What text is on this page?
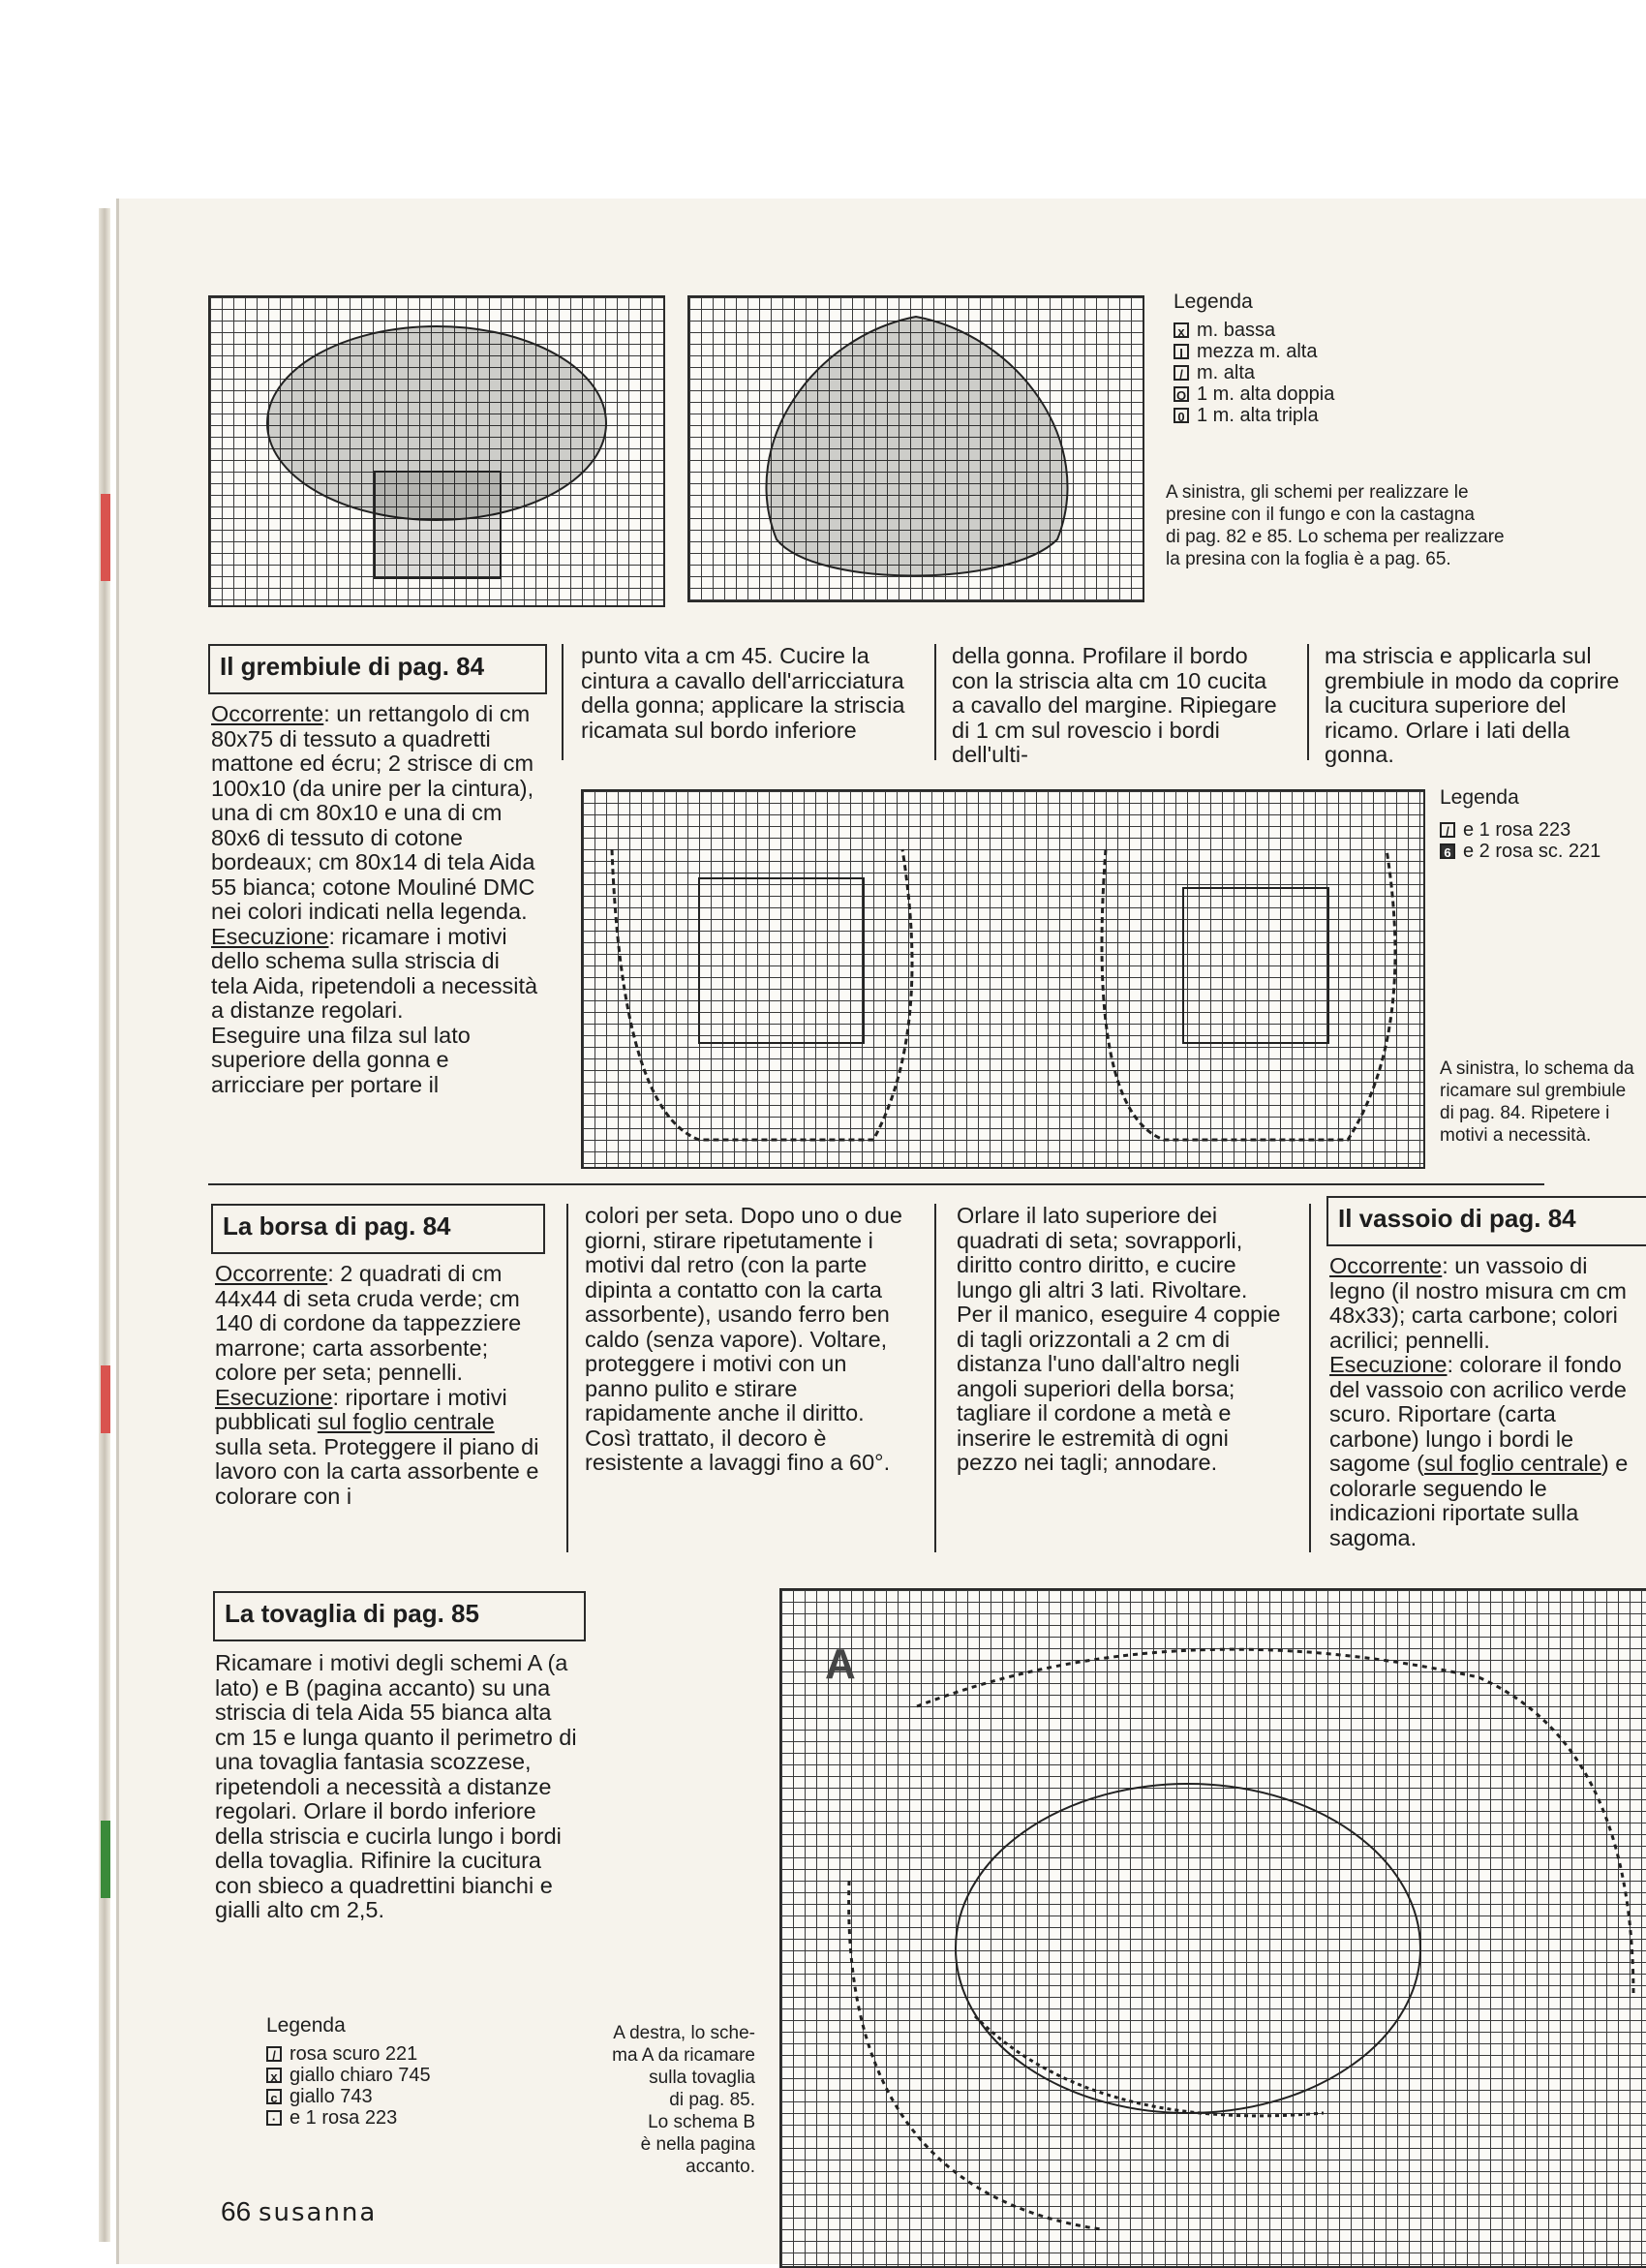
Legenda
x m. bassa
I mezza m. alta
/ m. alta
O 1 m. alta doppia
0 1 m. alta tripla
A sinistra, gli schemi per realizzare le
presine con il fungo e con la castagna
di pag. 82 e 85. Lo schema per realizzare
la presina con la foglia è a pag. 65.
Il grembiule di pag. 84

Occorrente: un rettangolo di cm 80x75 di tessuto a quadretti mattone ed écru; 2 strisce di cm 100x10 (da unire per la cintura), una di cm 80x10 e una di cm 80x6 di tessuto di cotone bordeaux; cm 80x14 di tela Aida 55 bianca; cotone Mouliné DMC nei colori indicati nella legenda.

Esecuzione: ricamare i motivi dello schema sulla striscia di tela Aida, ripetendoli a necessità a distanze regolari.

Eseguire una filza sul lato superiore della gonna e arricciare per portare il

punto vita a cm 45. Cucire la cintura a cavallo dell'arricciatura della gonna; applicare la striscia ricamata sul bordo inferiore
della gonna. Profilare il bordo con la striscia alta cm 10 cucita a cavallo del margine. Ripiegare di 1 cm sul rovescio i bordi dell'ulti-
ma striscia e applicarla sul grembiule in modo da coprire la cucitura superiore del ricamo. Orlare i lati della gonna.
Legenda
/ e 1 rosa 223
6 e 2 rosa sc. 221
A sinistra, lo schema da
ricamare sul grembiule
di pag. 84. Ripetere i
motivi a necessità.
La borsa di pag. 84

Occorrente: 2 quadrati di cm 44x44 di seta cruda verde; cm 140 di cordone da tappezziere marrone; carta assorbente; colore per seta; pennelli.

Esecuzione: riportare i motivi pubblicati sul foglio centrale sulla seta. Proteggere il piano di lavoro con la carta assorbente e colorare con i

colori per seta. Dopo uno o due giorni, stirare ripetutamente i motivi dal retro (con la parte dipinta a contatto con la carta assorbente), usando ferro ben caldo (senza vapore). Voltare, proteggere i motivi con un panno pulito e stirare rapidamente anche il diritto. Così trattato, il decoro è resistente a lavaggi fino a 60°.
Orlare il lato superiore dei quadrati di seta; sovrapporli, diritto contro diritto, e cucire lungo gli altri 3 lati. Rivoltare. Per il manico, eseguire 4 coppie di tagli orizzontali a 2 cm di distanza l'uno dall'altro negli angoli superiori della borsa; tagliare il cordone a metà e inserire le estremità di ogni pezzo nei tagli; annodare.
Il vassoio di pag. 84

Occorrente: un vassoio di legno (il nostro misura cm cm 48x33); carta carbone; colori acrilici; pennelli.

Esecuzione: colorare il fondo del vassoio con acrilico verde scuro. Riportare (carta carbone) lungo i bordi le sagome (sul foglio centrale) e colorarle seguendo le indicazioni riportate sulla sagoma.

La tovaglia di pag. 85
Ricamare i motivi degli schemi A (a lato) e B (pagina accanto) su una striscia di tela Aida 55 bianca alta cm 15 e lunga quanto il perimetro di una tovaglia fantasia scozzese, ripetendoli a necessità a distanze regolari. Orlare il bordo inferiore della striscia e cucirla lungo i bordi della tovaglia. Rifinire la cucitura con sbieco a quadrettini bianchi e gialli alto cm 2,5.
Legenda
/ rosa scuro 221
x giallo chiaro 745
c giallo 743
· e 1 rosa 223
A destra, lo sche-
ma A da ricamare
sulla tovaglia
di pag. 85.
Lo schema B
è nella pagina
accanto.
A
66 susanna
